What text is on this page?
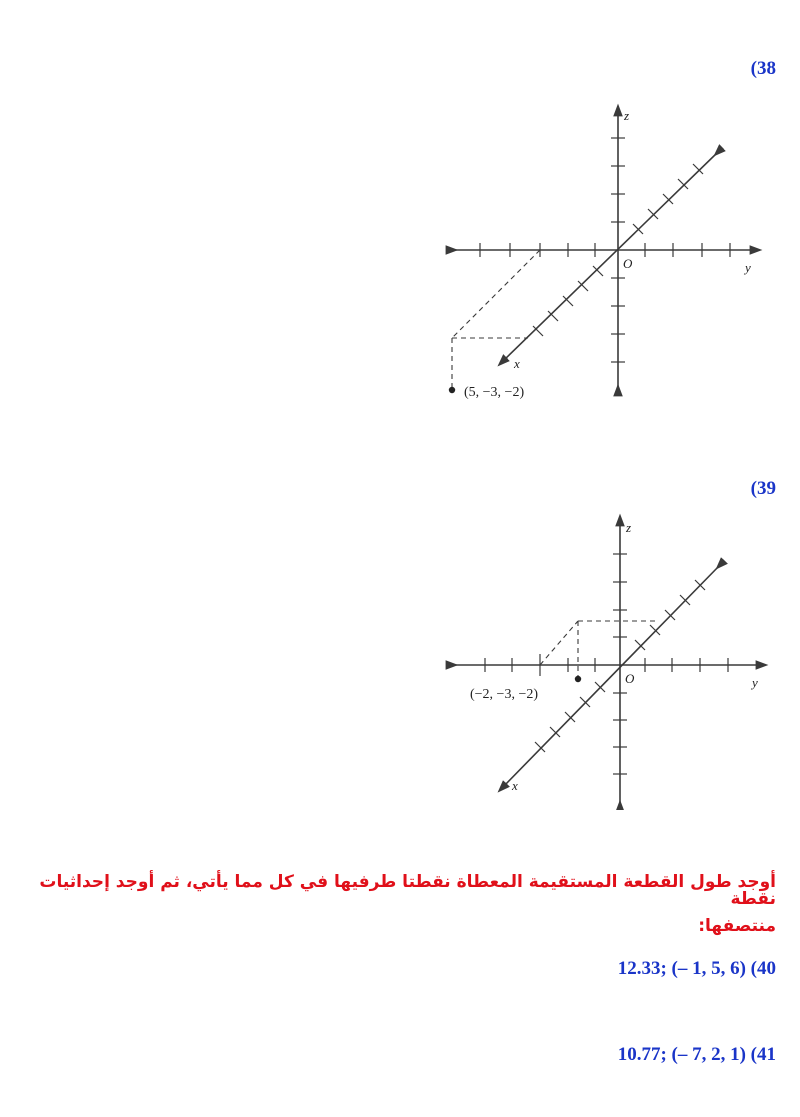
(38
z
y
x
O
(5, −3, −2)
(39
z
y
x
O
(−2, −3, −2)
أوجد طول القطعة المستقيمة المعطاة نقطتا طرفيها في كل مما يأتي، ثم أوجد إحداثيات نقطة
منتصفها:
12.33; (– 1, 5, 6) (40
10.77; (– 7, 2, 1) (41
